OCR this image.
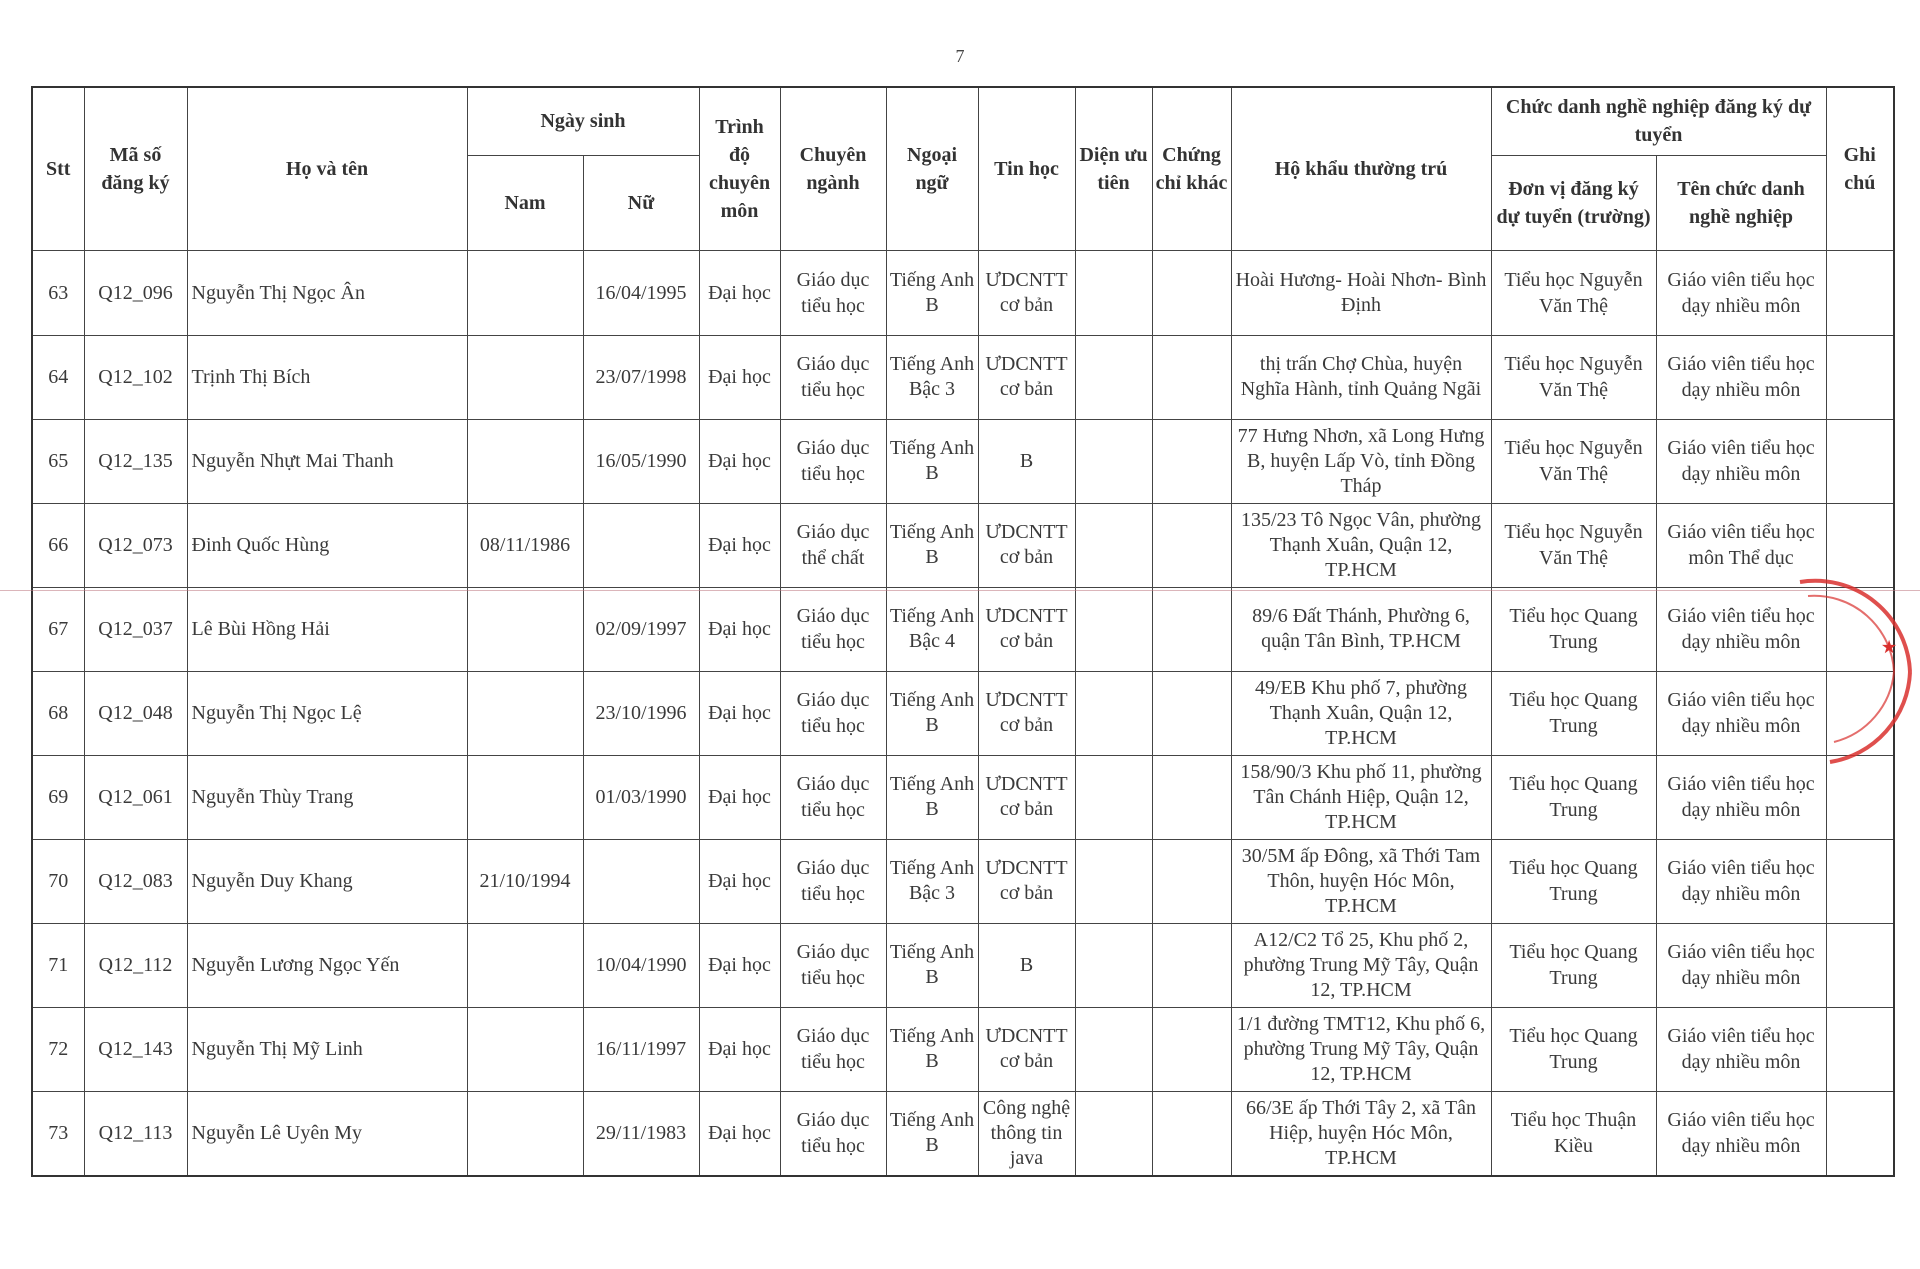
7
Stt	Mã số đăng ký	Họ và tên	Ngày sinh		Trình độ chuyên môn	Chuyên ngành	Ngoại ngữ	Tin học	Diện ưu tiên	Chứng chỉ khác	Hộ khẩu thường trú	Chức danh nghề nghiệp đăng ký dự tuyển		Ghi chú
			Nam	Nữ								Đơn vị đăng ký dự tuyển (trường)	Tên chức danh nghề nghiệp	
63	Q12_096	Nguyễn Thị Ngọc Ân		16/04/1995	Đại học	Giáo dục tiểu học	Tiếng Anh B	ƯDCNTT cơ bản			Hoài Hương- Hoài Nhơn- Bình Định	Tiểu học Nguyễn Văn Thệ	Giáo viên tiểu học dạy nhiều môn	
64	Q12_102	Trịnh Thị Bích		23/07/1998	Đại học	Giáo dục tiểu học	Tiếng Anh Bậc 3	ƯDCNTT cơ bản			thị trấn Chợ Chùa, huyện Nghĩa Hành, tỉnh Quảng Ngãi	Tiểu học Nguyễn Văn Thệ	Giáo viên tiểu học dạy nhiều môn	
65	Q12_135	Nguyễn Nhựt Mai Thanh		16/05/1990	Đại học	Giáo dục tiểu học	Tiếng Anh B	B			77 Hưng Nhơn, xã Long Hưng B, huyện Lấp Vò, tỉnh Đồng Tháp	Tiểu học Nguyễn Văn Thệ	Giáo viên tiểu học dạy nhiều môn	
66	Q12_073	Đinh Quốc Hùng	08/11/1986		Đại học	Giáo dục thể chất	Tiếng Anh B	ƯDCNTT cơ bản			135/23 Tô Ngọc Vân, phường Thạnh Xuân, Quận 12, TP.HCM	Tiểu học Nguyễn Văn Thệ	Giáo viên tiểu học môn Thể dục	
67	Q12_037	Lê Bùi Hồng Hải		02/09/1997	Đại học	Giáo dục tiểu học	Tiếng Anh Bậc 4	ƯDCNTT cơ bản			89/6 Đất Thánh, Phường 6, quận Tân Bình, TP.HCM	Tiểu học Quang Trung	Giáo viên tiểu học dạy nhiều môn	
68	Q12_048	Nguyễn Thị Ngọc Lệ		23/10/1996	Đại học	Giáo dục tiểu học	Tiếng Anh B	ƯDCNTT cơ bản			49/EB Khu phố 7, phường Thạnh Xuân, Quận 12, TP.HCM	Tiểu học Quang Trung	Giáo viên tiểu học dạy nhiều môn	
69	Q12_061	Nguyễn Thùy Trang		01/03/1990	Đại học	Giáo dục tiểu học	Tiếng Anh B	ƯDCNTT cơ bản			158/90/3 Khu phố 11, phường Tân Chánh Hiệp, Quận 12, TP.HCM	Tiểu học Quang Trung	Giáo viên tiểu học dạy nhiều môn	
70	Q12_083	Nguyễn Duy Khang	21/10/1994		Đại học	Giáo dục tiểu học	Tiếng Anh Bậc 3	ƯDCNTT cơ bản			30/5M ấp Đông, xã Thới Tam Thôn, huyện Hóc Môn, TP.HCM	Tiểu học Quang Trung	Giáo viên tiểu học dạy nhiều môn	
71	Q12_112	Nguyễn Lương Ngọc Yến		10/04/1990	Đại học	Giáo dục tiểu học	Tiếng Anh B	B			A12/C2 Tổ 25, Khu phố 2, phường Trung Mỹ Tây, Quận 12, TP.HCM	Tiểu học Quang Trung	Giáo viên tiểu học dạy nhiều môn	
72	Q12_143	Nguyễn Thị Mỹ Linh		16/11/1997	Đại học	Giáo dục tiểu học	Tiếng Anh B	ƯDCNTT cơ bản			1/1 đường TMT12, Khu phố 6, phường Trung Mỹ Tây, Quận 12, TP.HCM	Tiểu học Quang Trung	Giáo viên tiểu học dạy nhiều môn	
73	Q12_113	Nguyễn Lê Uyên My		29/11/1983	Đại học	Giáo dục tiểu học	Tiếng Anh B	Công nghệ thông tin java			66/3E ấp Thới Tây 2, xã Tân Hiệp, huyện Hóc Môn, TP.HCM	Tiểu học Thuận Kiều	Giáo viên tiểu học dạy nhiều môn	
★
